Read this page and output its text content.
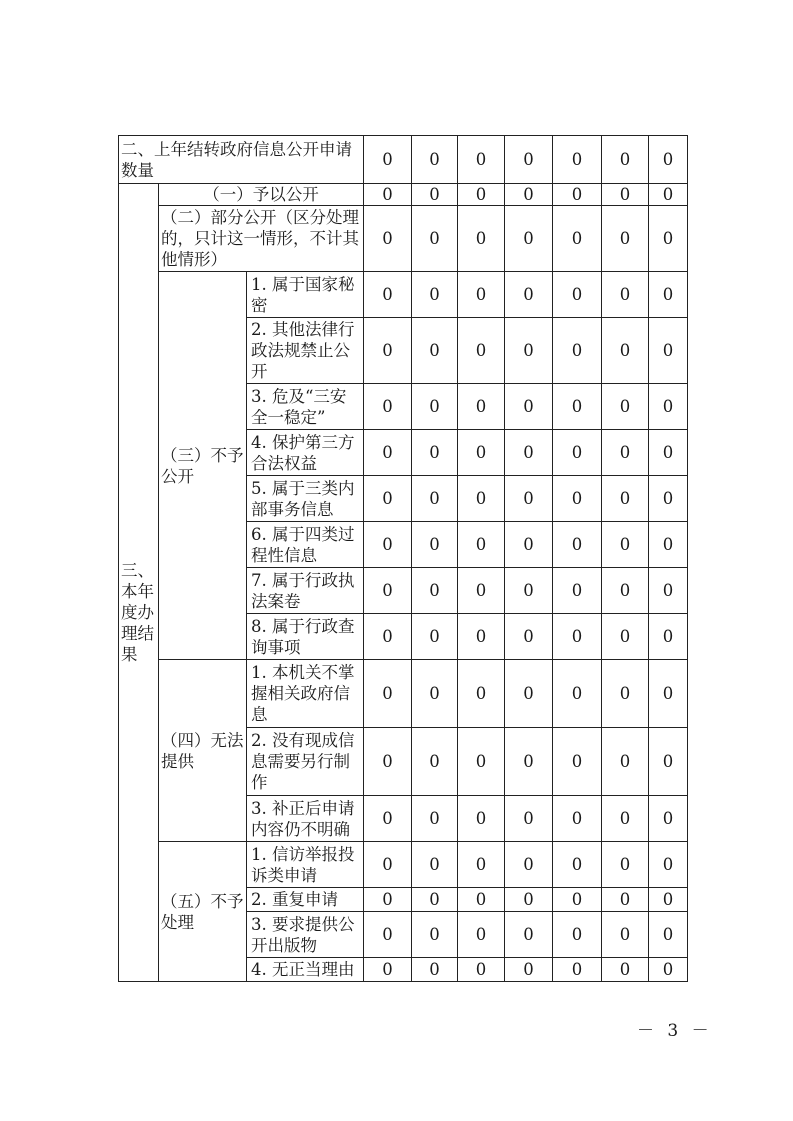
二、上年结转政府信息公开申请数量			0	0	0	0	0	0	0
三、本年度办理结果	（一）予以公开		0	0	0	0	0	0	0
	（二）部分公开（区分处理的，只计这一情形，不计其他情形）		0	0	0	0	0	0	0
	（三）不予公开	1. 属于国家秘密	0	0	0	0	0	0	0
		2. 其他法律行政法规禁止公开	0	0	0	0	0	0	0
		3. 危及“三安全一稳定”	0	0	0	0	0	0	0
		4. 保护第三方合法权益	0	0	0	0	0	0	0
		5. 属于三类内部事务信息	0	0	0	0	0	0	0
		6. 属于四类过程性信息	0	0	0	0	0	0	0
		7. 属于行政执法案卷	0	0	0	0	0	0	0
		8. 属于行政查询事项	0	0	0	0	0	0	0
	（四）无法提供	1. 本机关不掌握相关政府信息	0	0	0	0	0	0	0
		2. 没有现成信息需要另行制作	0	0	0	0	0	0	0
		3. 补正后申请内容仍不明确	0	0	0	0	0	0	0
	（五）不予处理	1. 信访举报投诉类申请	0	0	0	0	0	0	0
		2. 重复申请	0	0	0	0	0	0	0
		3. 要求提供公开出版物	0	0	0	0	0	0	0
		4. 无正当理由	0	0	0	0	0	0	0
－ 3 －
